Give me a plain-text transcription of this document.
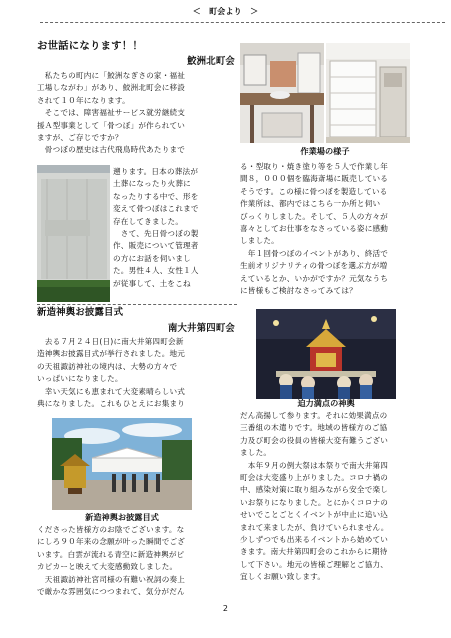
＜　町会より　＞
お世話になります！！
鮫洲北町会
　私たちの町内に「鮫洲なぎさの家・福祉
工場しながわ」があり、鮫洲北町会に移設
されて１０年になります。
　そこでは、障害福祉サービス就労継続支
援Ａ型事業として「骨つぼ」が作られてい
ますが、ご存じですか？
　骨つぼの歴史は古代飛鳥時代あたりまで
遡ります。日本の葬法が
土葬になったり火葬に
なったりする中で、形を
変えて骨つぼはこれまで
存在してきました。
　さて、先日骨つぼの製
作、販売について管理者
の方にお話を伺いまし
た。男性４人、女性１人
が従事して、土をこね
作業場の様子
る・型取り・焼き塗り等を５人で作業し年
間８，０００個を臨海斎場に販売している
そうです。この様に骨つぼを製造している
作業所は、都内ではこちら一か所と伺い
びっくりしました。そして、５人の方々が
喜々としてお仕事をなさっている姿に感動
しました。
　年１回骨つぼのイベントがあり、終活で
生前オリジナリティの骨つぼを選ぶ方が増
えているとか、いかがですか？元気なうち
に皆様もご検討なさってみては？
新造神輿お披露目式
南大井第四町会
　去る７月２４日(日)に南大井第四町会新
造神輿お披露目式が挙行されました。地元
の天祖諏訪神社の境内は、大勢の方々で
いっぱいになりました。
　幸い天気にも恵まれて大変素晴らしい式
典になりました。これもひとえにお集まり
新造神輿お披露目式
くださった皆様方のお陰でございます。な
にしろ９０年来の念願が叶った瞬間でござ
います。白雲が流れる青空に新造神輿がピ
カピカーと映えて大変感動致しました。
　天祖諏訪神社宮司様の有難い祝詞の奏上
で厳かな雰囲気につつまれて、気分がだん
迫力満点の神輿
だん高揚して参ります。それに効果満点の
三番組の木遣りです。地域の皆様方のご協
力及び町会の役員の皆様大変有難うござい
ました。
　本年９月の例大祭は本祭りで南大井第四
町会は大変盛り上がりました。コロナ禍の
中、感染対策に取り組みながら安全で楽し
いお祭りになりました。とにかくコロナの
せいでことごとくイベントが中止に追い込
まれて来ましたが、負けていられません。
少しずつでも出来るイベントから始めてい
きます。南大井第四町会のこれからに期待
して下さい。地元の皆様ご理解とご協力、
宜しくお願い致します。
2
